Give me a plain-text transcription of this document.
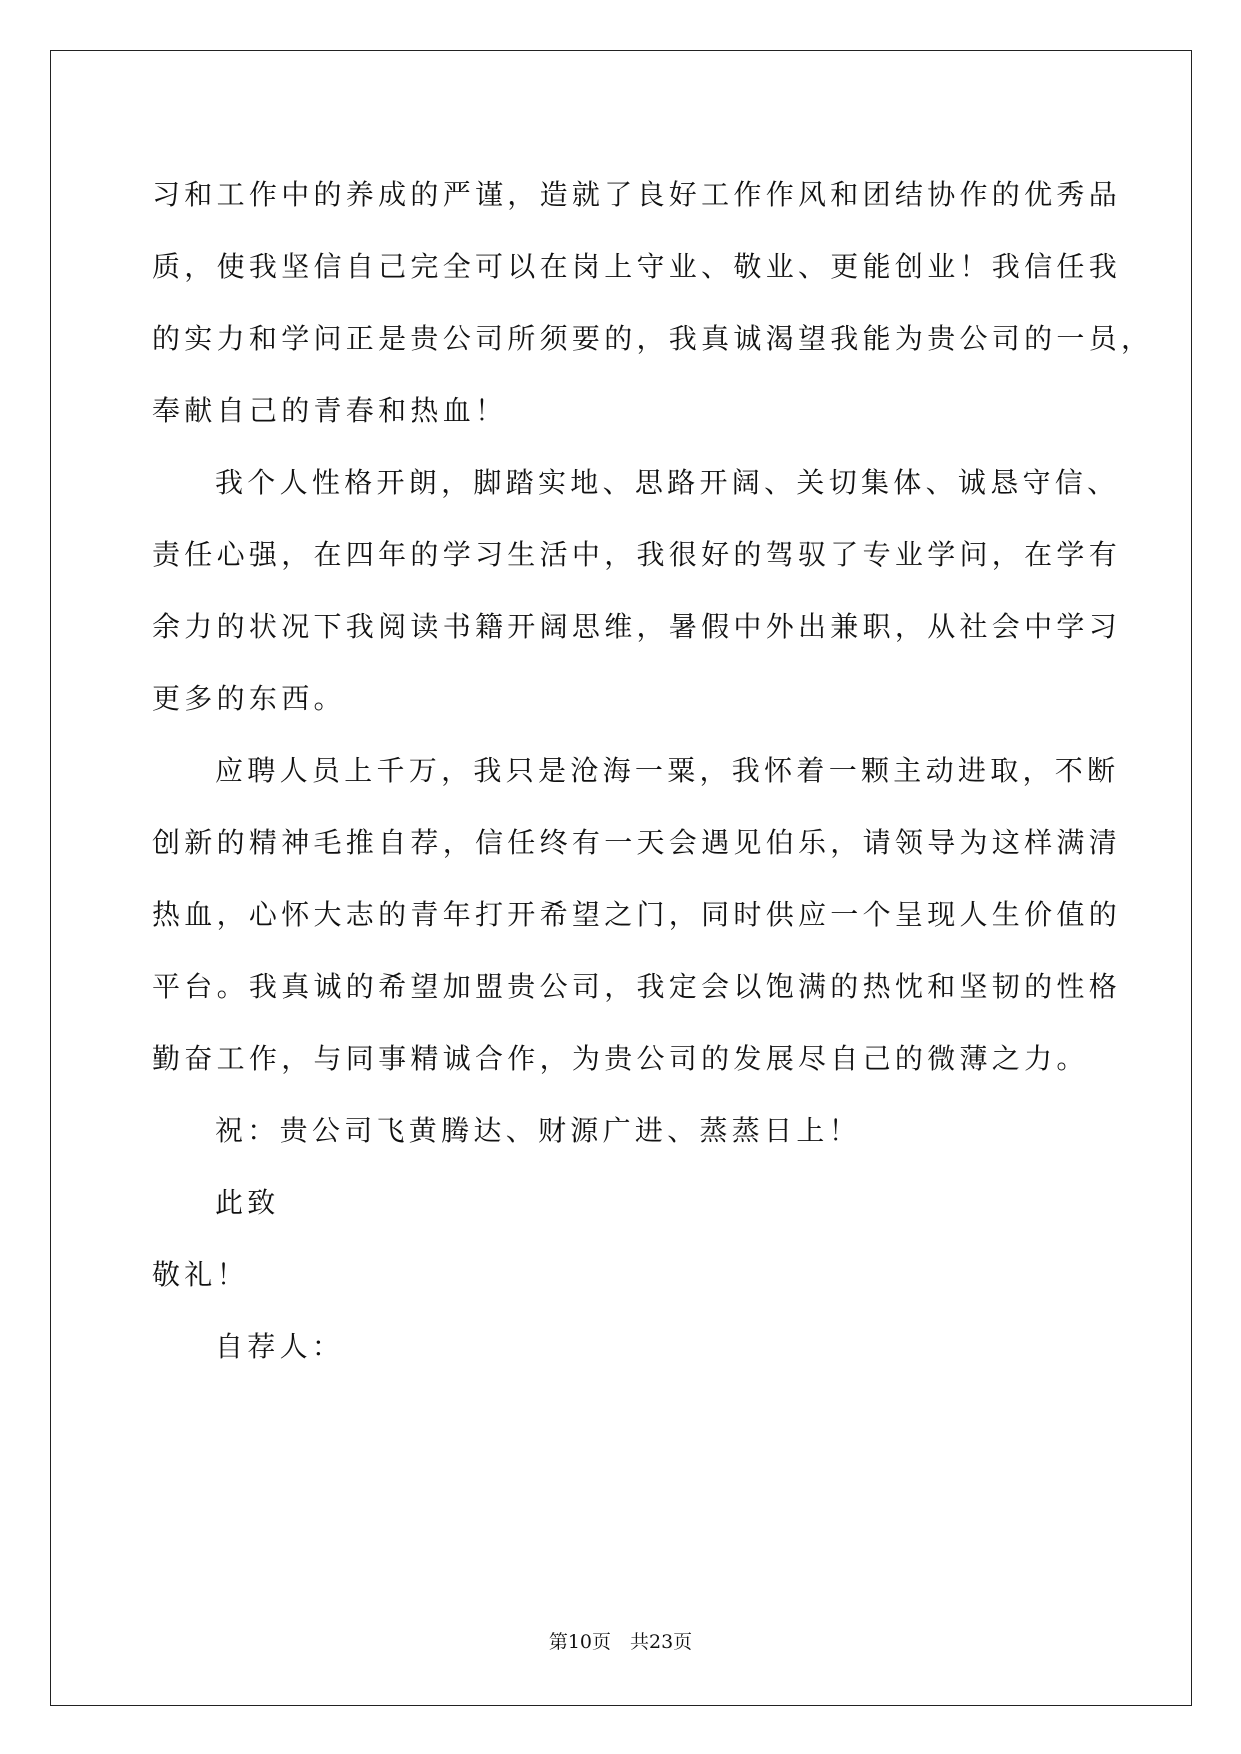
习和工作中的养成的严谨，造就了良好工作作风和团结协作的优秀品
质，使我坚信自己完全可以在岗上守业、敬业、更能创业！我信任我
的实力和学问正是贵公司所须要的，我真诚渴望我能为贵公司的一员，
奉献自己的青春和热血！
我个人性格开朗，脚踏实地、思路开阔、关切集体、诚恳守信、
责任心强，在四年的学习生活中，我很好的驾驭了专业学问，在学有
余力的状况下我阅读书籍开阔思维，暑假中外出兼职，从社会中学习
更多的东西。
应聘人员上千万，我只是沧海一粟，我怀着一颗主动进取，不断
创新的精神毛推自荐，信任终有一天会遇见伯乐，请领导为这样满清
热血，心怀大志的青年打开希望之门，同时供应一个呈现人生价值的
平台。我真诚的希望加盟贵公司，我定会以饱满的热忱和坚韧的性格
勤奋工作，与同事精诚合作，为贵公司的发展尽自己的微薄之力。
祝：贵公司飞黄腾达、财源广进、蒸蒸日上！
此致
敬礼！
自荐人：
第10页　共23页
